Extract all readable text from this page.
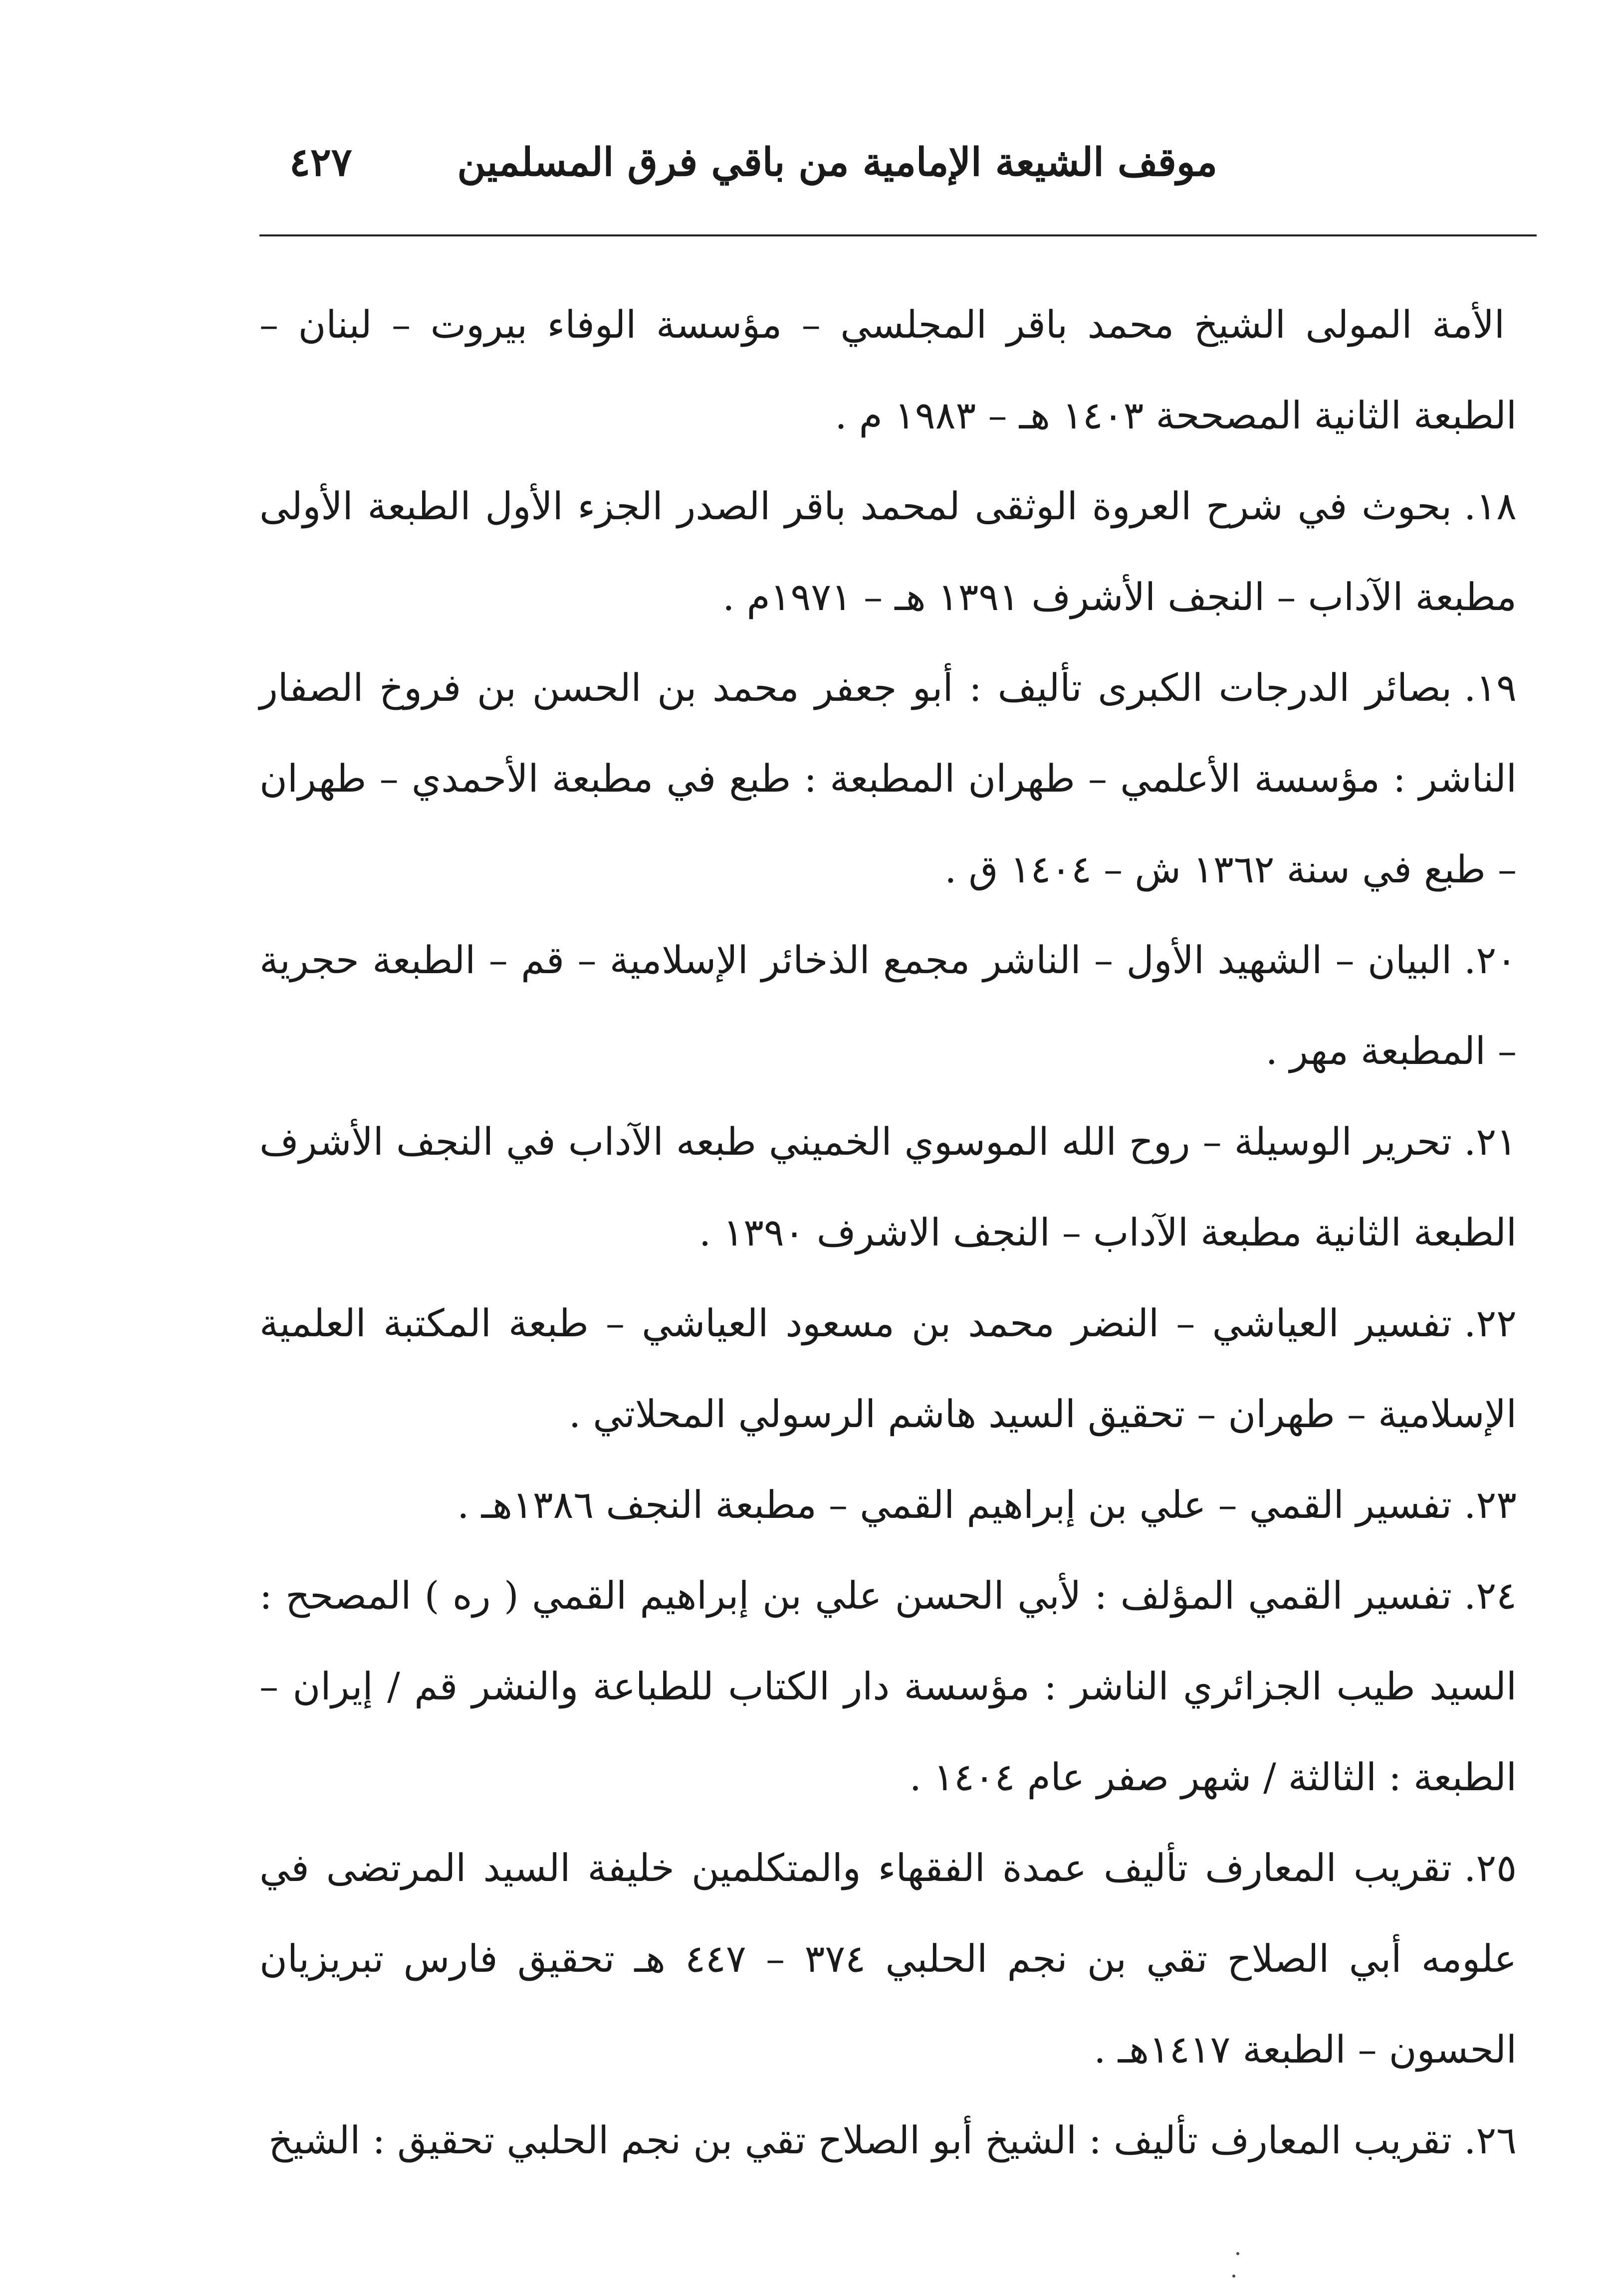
موقف الشيعة الإمامية من باقي فرق المسلمين
٤٢٧

الأمة المولى الشيخ محمد باقر المجلسي – مؤسسة الوفاء بيروت – لبنان – الطبعة الثانية المصححة ١٤٠٣ هـ – ١٩٨٣ م .

١٨.بحوث في شرح العروة الوثقى لمحمد باقر الصدر الجزء الأول الطبعة الأولى مطبعة الآداب – النجف الأشرف ١٣٩١ هـ – ١٩٧١م .

١٩.بصائر الدرجات الكبرى تأليف : أبو جعفر محمد بن الحسن بن فروخ الصفار الناشر : مؤسسة الأعلمي – طهران المطبعة : طبع في مطبعة الأحمدي – طهران – طبع في سنة ١٣٦٢ ش – ١٤٠٤ ق .

٢٠.البيان – الشهيد الأول – الناشر مجمع الذخائر الإسلامية – قم – الطبعة حجرية – المطبعة مهر .

٢١.تحرير الوسيلة – روح الله الموسوي الخميني طبعه الآداب في النجف الأشرف الطبعة الثانية مطبعة الآداب – النجف الاشرف ١٣٩٠ .

٢٢.تفسير العياشي – النضر محمد بن مسعود العياشي – طبعة المكتبة العلمية الإسلامية – طهران – تحقيق السيد هاشم الرسولي المحلاتي .

٢٣.تفسير القمي – علي بن إبراهيم القمي – مطبعة النجف ١٣٨٦هـ .

٢٤.تفسير القمي المؤلف : لأبي الحسن علي بن إبراهيم القمي ( ره ) المصحح : السيد طيب الجزائري الناشر : مؤسسة دار الكتاب للطباعة والنشر قم / إيران – الطبعة : الثالثة / شهر صفر عام ١٤٠٤ .

٢٥.تقريب المعارف تأليف عمدة الفقهاء والمتكلمين خليفة السيد المرتضى في علومه أبي الصلاح تقي بن نجم الحلبي ٣٧٤ – ٤٤٧ هـ تحقيق فارس تبريزيان الحسون – الطبعة ١٤١٧هـ .

٢٦.تقريب المعارف تأليف : الشيخ أبو الصلاح تقي بن نجم الحلبي تحقيق : الشيخ
